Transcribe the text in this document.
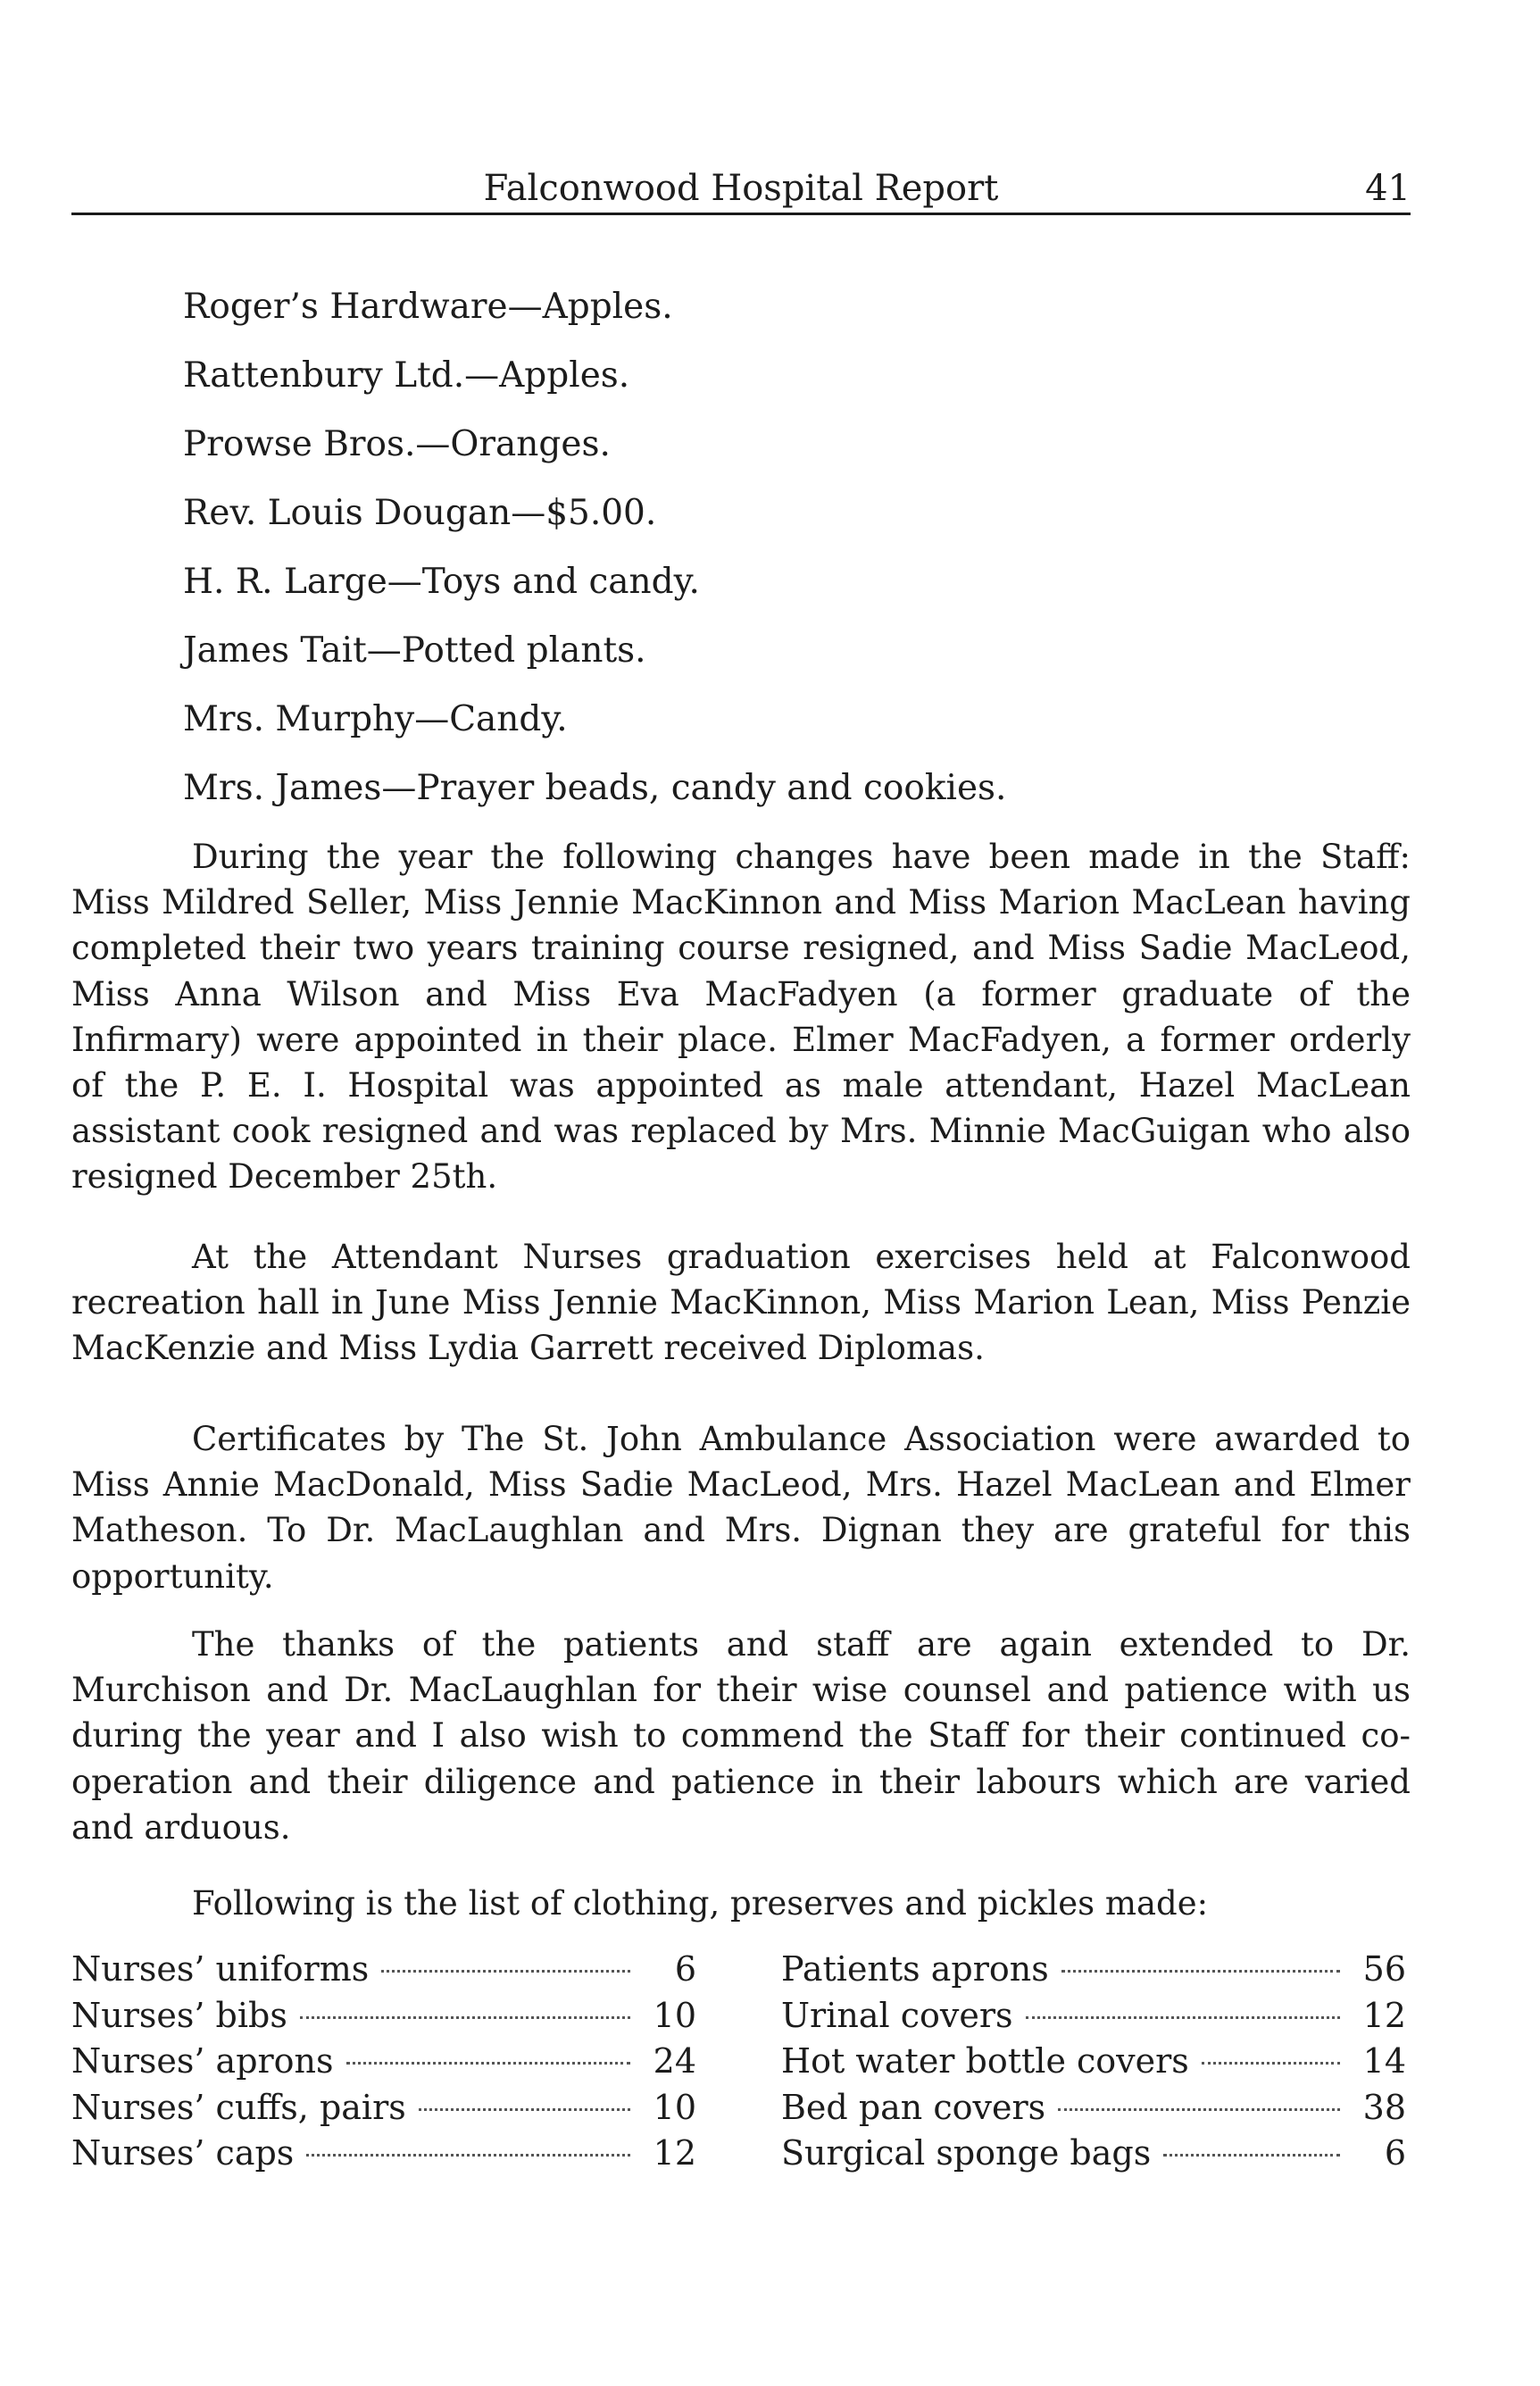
Falconwood Hospital Report	41
Roger’s Hardware—Apples.
Rattenbury Ltd.—Apples.
Prowse Bros.—Oranges.
Rev. Louis Dougan—$5.00.
H. R. Large—Toys and candy.
James Tait—Potted plants.
Mrs. Murphy—Candy.
Mrs. James—Prayer beads, candy and cookies.

During the year the following changes have been made in the Staff: Miss Mildred Seller, Miss Jennie MacKinnon and Miss Marion MacLean having completed their two years training course resigned, and Miss Sadie MacLeod, Miss Anna Wilson and Miss Eva MacFadyen (a former graduate of the Infirmary) were appointed in their place. Elmer MacFadyen, a former orderly of the P. E. I. Hospital was appointed as male attendant, Hazel MacLean assistant cook resigned and was replaced by Mrs. Minnie MacGuigan who also resigned December 25th.

At the Attendant Nurses graduation exercises held at Falconwood recreation hall in June Miss Jennie MacKinnon, Miss Marion Lean, Miss Penzie MacKenzie and Miss Lydia Garrett received Diplomas.

Certificates by The St. John Ambulance Association were awarded to Miss Annie MacDonald, Miss Sadie MacLeod, Mrs. Hazel MacLean and Elmer Matheson. To Dr. MacLaughlan and Mrs. Dignan they are grateful for this opportunity.

The thanks of the patients and staff are again extended to Dr. Murchison and Dr. MacLaughlan for their wise counsel and patience with us during the year and I also wish to commend the Staff for their continued co-operation and their diligence and patience in their labours which are varied and arduous.

Following is the list of clothing, preserves and pickles made:

Nurses’ uniforms	6
Nurses’ bibs	10
Nurses’ aprons	24
Nurses’ cuffs, pairs	10
Nurses’ caps	12
Patients aprons	56
Urinal covers	12
Hot water bottle covers	14
Bed pan covers	38
Surgical sponge bags	6
